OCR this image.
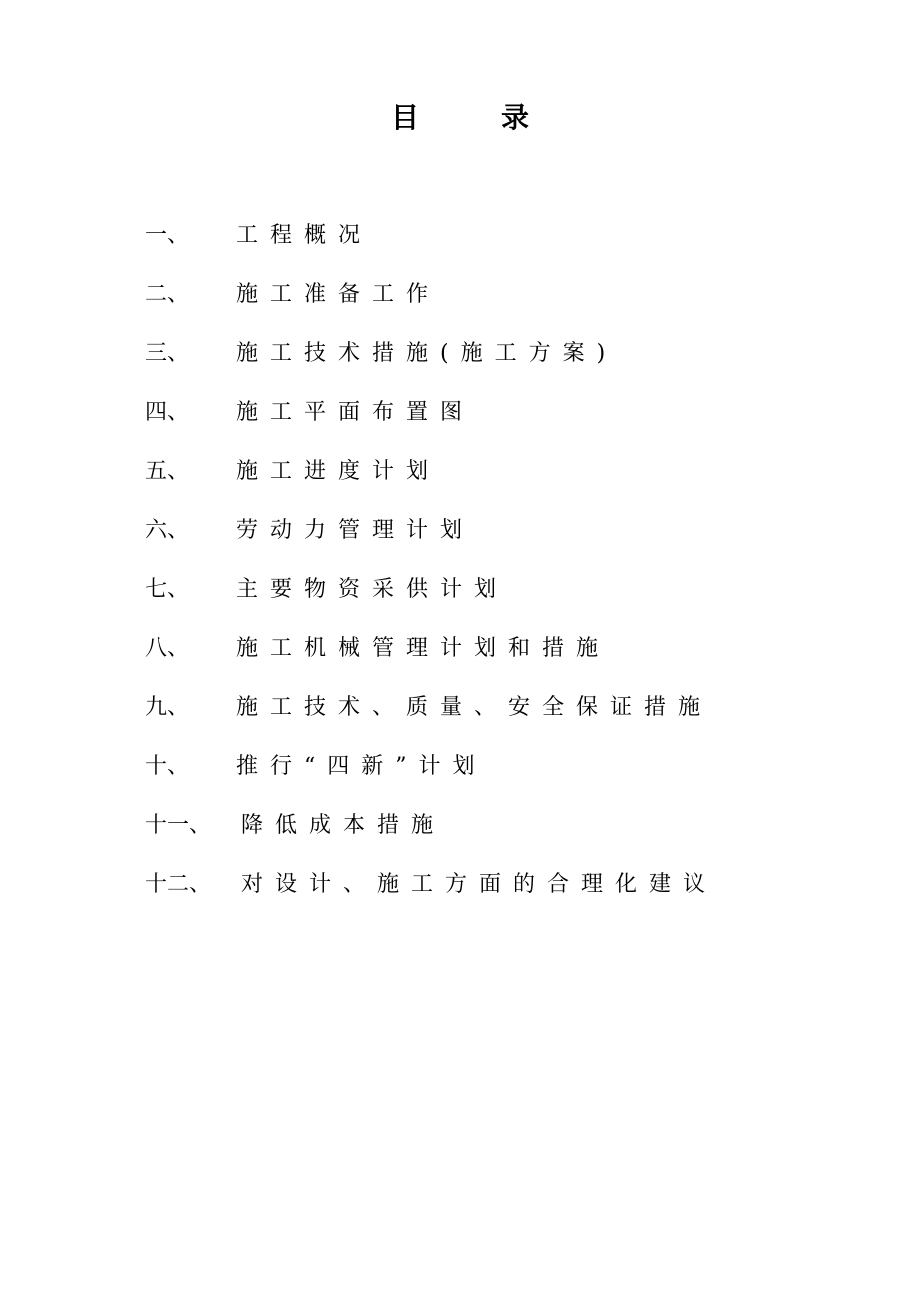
目	录
一、 工程概况
二、 施工准备工作
三、 施工技术措施(施工方案)
四、 施工平面布置图
五、 施工进度计划
六、 劳动力管理计划
七、 主要物资采供计划
八、 施工机械管理计划和措施
九、 施工技术、质量、安全保证措施
十、 推行“四新”计划
十一、 降低成本措施
十二、 对设计、施工方面的合理化建议
